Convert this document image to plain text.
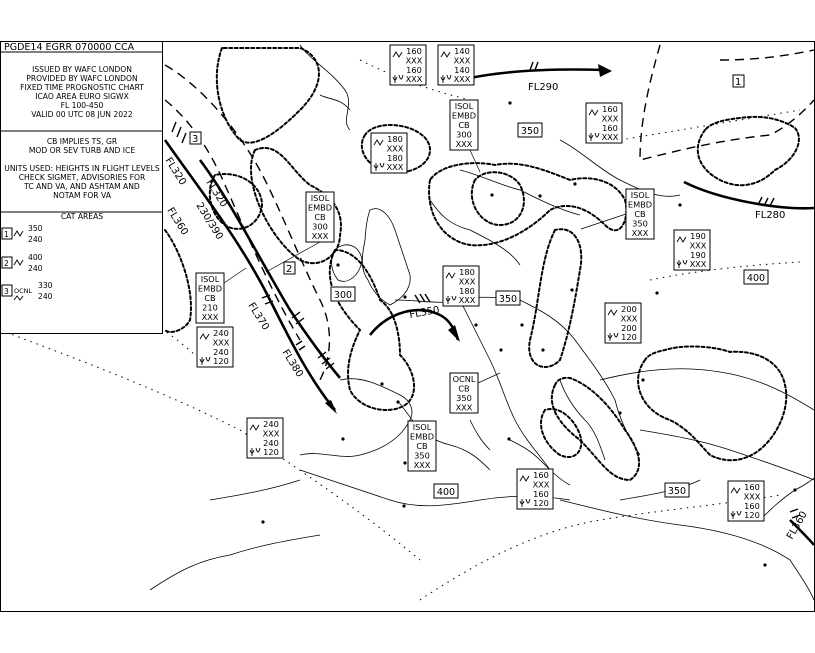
PGDE14 EGRR 070000 CCA
ISSUED BY WAFC LONDON
PROVIDED BY WAFC LONDON
FIXED TIME PROGNOSTIC CHART
ICAO AREA EURO SIGWX
FL 100-450
VALID 00 UTC 08 JUN 2022
CB IMPLIES TS, GR
MOD OR SEV TURB AND ICE
UNITS USED: HEIGHTS IN FLIGHT LEVELS
CHECK SIGMET, ADVISORIES FOR
TC AND VA, AND ASHTAM AND
NOTAM FOR VA
CAT AREAS
1
350
240
2
400
240
3 OCNL
330
240
FL290
FL280
FL320
FL320
FL360 230/390
FL370
FL380
FL350
FL360
1
2
3
350
300	350
400
400	350
ISOL
EMBD
CB
300
XXX
ISOL
EMBD
CB
210
XXX
ISOL
EMBD
CB
300
XXX
ISOL
EMBD
CB
350
XXX
OCNL
CB
350
XXX
ISOL
EMBD
CB
350
XXX
160
XXX
160
XXX
140
XXX
140
XXX
160
XXX
160
XXX
180
XXX
180
XXX
180
XXX
180
XXX
240
XXX
240
120
240
XXX
240
120
200
XXX
200
120
190
XXX
190
XXX
160
XXX
160
120
160
XXX
160
120
